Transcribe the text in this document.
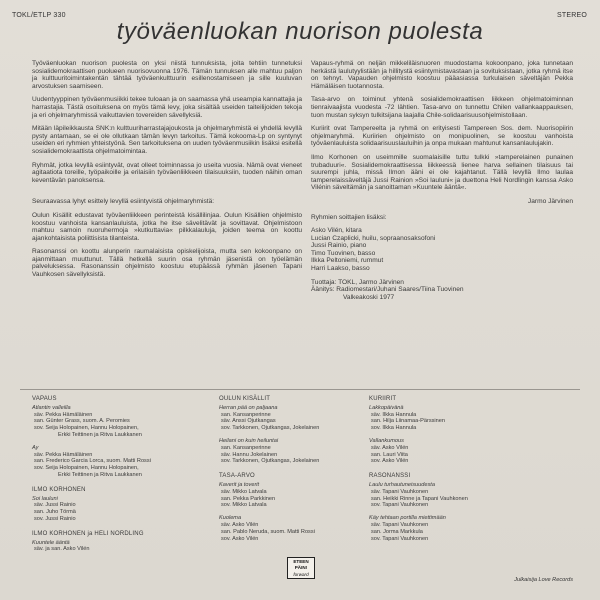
TOKL/ETLP 330	STEREO
työväenluokan nuorison puolesta

Työväenluokan nuorison puolesta on yksi niistä tunnuksista, joita tehtiin tunnetuksi sosialidemokraattisen puolueen nuorisovuonna 1976. Tämän tunnuksen alle mahtuu paljon ja kulttuuritoimintakentän tähtää työväenkulttuurin esillenostamiseen ja sille kuuluvan arvostuksen saamiseen.

Uudentyyppinen työväenmusiikki tekee tuloaan ja on saamassa yhä useampia kannattajia ja harrastajia. Tästä osoituksena on myös tämä levy, joka sisältää useiden taiteilijoiden tekoja ja eri ohjelmaryhmissä vaikuttavien tovereiden sävellyksiä.

Mitään läpileikkausta SNK:n kulttuuriharrastajajoukosta ja ohjelmaryhmistä ei yhdellä levyllä pysty antamaan, se ei ole ollutkaan tämän levyn tarkoitus. Tämä kokooma-Lp on syntynyt useiden eri ryhmien yhteistyönä. Sen tarkoituksena on uuden työväenmusiikin lisäksi esitellä sosialidemokraattista ohjelmatoimintaa.

Ryhmät, jotka levyllä esiintyvät, ovat olleet toiminnassa jo useita vuosia. Nämä ovat vieneet agitaatiota toreille, työpaikoille ja erilaisiin työväenliikkeen tilaisuuksiin, tuoden näihin oman keventävän panoksensa.

Seuraavassa lyhyt esittely levyllä esiintyvistä ohjelmaryhmistä:

Oulun Kisällit edustavat työväenliikkeen perinteistä kisällilinjaa. Oulun Kisällien ohjelmisto koostuu vanhoista kansanlauluista, jotka he itse sävelitävät ja sovittavat. Ohjelmistoon mahtuu samoin nuoruhermoja »kutkuttavia« pilkkalauluja, joiden teema on koottu ajankohtaisista poliittisista tilanteista.

Rasonanssi on koottu alunperin raumalaisista opiskelijoista, mutta sen kokoonpano on ajanmittaan muuttunut. Tällä hetkellä suurin osa ryhmän jäsenistä on työelämän palveluksessa. Rasonanssin ohjelmisto koostuu etupäässä ryhmän jäsenen Tapani Vauhkosen sävellyksistä.

Vapaus-ryhmä on neljän mikkeliläisnuoren muodostama kokoonpano, joka tunnetaan herkästä laulutyylistään ja hillitystä esiintymistavastaan ja sovituksistaan, jotka ryhmä itse on tehnyt. Vapauden ohjelmisto koostuu pääasiassa turkulaisen säveltäjän Pekka Hämäläisen tuotannosta.

Tasa-arvo on toiminut yhtenä sosialidemokraattisen liikkeen ohjelmatoiminnan tienraivaajista vuodesta -72 lähtien. Tasa-arvo on tunnettu Chilen vallankaappauksen, tuon mustan syksyn tulkitsijana laajalla Chile-solidaarisuusohjelmistollaan.

Kuriirit ovat Tampereelta ja ryhmä on erityisesti Tampereen Sos. dem. Nuorisopiirin ohjelmaryhmä. Kuriirien ohjelmisto on monipuolinen, se koostuu vanhoista työväenlauluista solidaarisuuslauluihin ja onpa mukaan mahtunut kansanlaulujakin.

Ilmo Korhonen on useimmille suomalaisille tuttu tulkki »tamperelainen punainen trubaduuri«. Sosialidemokraattisessa liikkeessä lienee harva sellainen tilaisuus tai suurempi juhla, missä Ilmon ääni ei ole kajahtanut. Tällä levyllä Ilmo laulaa tamperelaissäveltäjä Jussi Rainion »Soi lauluni« ja duettona Heli Nordlingin kanssa Asko Vilénin säveltämän ja sanoittaman »Kuuntele ääntä«.

Jarmo Järvinen
Ryhmien soittajien lisäksi:
Asko Vilén, kitara
Lucian Czaplicki, huilu, sopraanosaksofoni
Jussi Rainio, piano
Timo Tuovinen, basso
Ilkka Peltoniemi, rummut
Harri Laakso, basso
Tuottaja: TOKL, Jarmo Järvinen
Äänitys: Radiomestari/Juhani Saares/Tiina Tuovinen
Valkeakoski 1977
VAPAUS
Atlantin valleilla
säv. Pekka Hämäläinen
san. Günter Grass, suom. A. Peromies
sov. Seija Holopainen, Hannu Holopainen,
Erkki Teittinen ja Ritva Laukkanen
Ay
säv. Pekka Hämäläinen
san. Frederico Garcia Lorca, suom. Matti Rossi
sov. Seija Holopainen, Hannu Holopainen,
Erkki Teittinen ja Ritva Laukkanen
ILMO KORHONEN
Soi lauluni
säv. Jussi Rainio
san. Juho Törmä
sov. Jussi Rainio
ILMO KORHONEN ja HELI NORDLING
Kuuntele ääntä
säv. ja san. Asko Vilén
OULUN KISÄLLIT
Herran pää on paljaana
san. Kansanperinne
säv. Anssi Ojutkangas
sov. Tarkkonen, Ojutkangas, Jokelainen
Heilani on kuin heiluntai
san. Kansanperinne
säv. Hannu Jokelainen
sov. Tarkkonen, Ojutkangas, Jokelainen
TASA-ARVO
Kaverit ja toverit
säv. Mikko Latvala
san. Pekka Parkkinen
sov. Mikko Latvala
Kuolema
säv. Asko Vilén
san. Pablo Neruda, suom. Matti Rossi
sov. Asko Vilén
KURIIRIT
Lakkopäivänä
säv. Ilkka Hannula
san. Hilja Liinamaa-Pärssinen
sov. Ilkka Hannula
Vallankumous
säv. Asko Vilén
san. Lauri Viita
sov. Asko Vilén
RASONANSSI
Laulu turhautuneisuudesta
säv. Tapani Vauhkonen
san. Heikki Rinne ja Tapani Vauhkonen
sov. Tapani Vauhkonen
Käy tehtaan portilla miettimään
säv. Tapani Vauhkonen
san. Jorma Markkula
sov. Tapani Vauhkonen
ETEEN
PÄIN!
forward
Julkaisija Love Records
